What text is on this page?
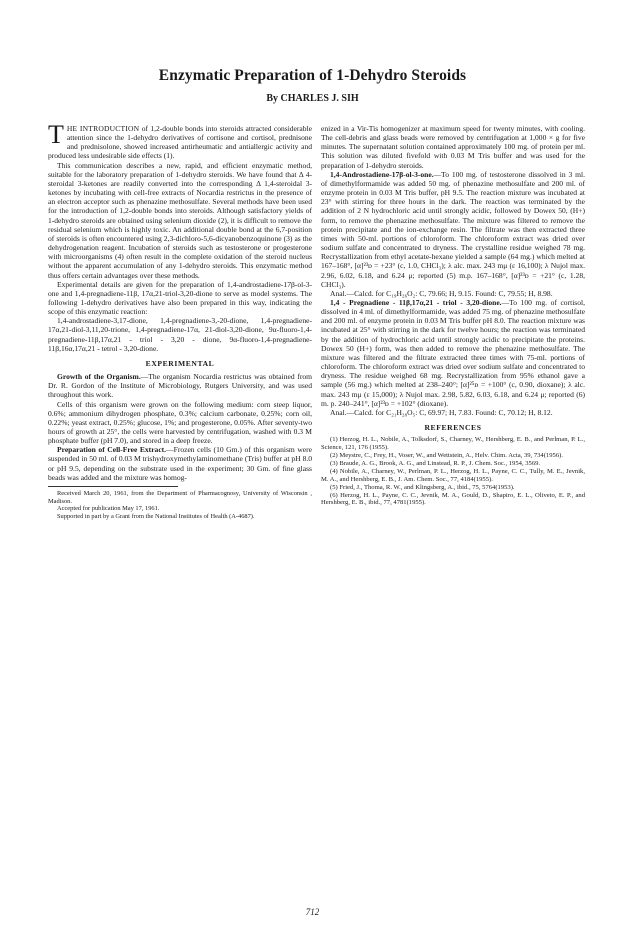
Enzymatic Preparation of 1-Dehydro Steroids
By CHARLES J. SIH

THE INTRODUCTION of 1,2-double bonds into steroids attracted considerable attention since the 1-dehydro derivatives of cortisone and cortisol, prednisone and prednisolone, showed increased antirheumatic and antiallergic activity and produced less undesirable side effects (1).

This communication describes a new, rapid, and efficient enzymatic method, suitable for the laboratory preparation of 1-dehydro steroids. We have found that Δ 4-steroidal 3-ketones are readily converted into the corresponding Δ 1,4-steroidal 3-ketones by incubating with cell-free extracts of Nocardia restrictus in the presence of an electron acceptor such as phenazine methosulfate. Several methods have been used for the introduction of 1,2-double bonds into steroids. Although satisfactory yields of 1-dehydro steroids are obtained using selenium dioxide (2), it is difficult to remove the residual selenium which is highly toxic. An additional double bond at the 6,7-position of steroids is often encountered using 2,3-dichloro-5,6-dicyanobenzoquinone (3) as the dehydrogenation reagent. Incubation of steroids such as testosterone or progesterone with microorganisms (4) often result in the complete oxidation of the steroid nucleus without the apparent accumulation of any 1-dehydro steroids. This enzymatic method thus offers certain advantages over these methods.

Experimental details are given for the preparation of 1,4-androstadiene-17β-ol-3-one and 1,4-pregnadiene-11β, 17α,21-triol-3,20-dione to serve as model systems. The following 1-dehydro derivatives have also been prepared in this way, indicating the scope of this enzymatic reaction:

1,4-androstadiene-3,17-dione, 1,4-pregnadiene-3,-20-dione, 1,4-pregnadiene-17α,21-diol-3,11,20-trione, 1,4-pregnadiene-17α, 21-diol-3,20-dione, 9α-fluoro-1,4-pregnadiene-11β,17α,21 - triol - 3,20 - dione, 9α-fluoro-1,4-pregnadiene- 11β,16α,17α,21 - tetrol - 3,20-dione.

EXPERIMENTAL

Growth of the Organism.—The organism Nocardia restrictus was obtained from Dr. R. Gordon of the Institute of Microbiology, Rutgers University, and was used throughout this work.

Cells of this organism were grown on the following medium: corn steep liquor, 0.6%; ammonium dihydrogen phosphate, 0.3%; calcium carbonate, 0.25%; corn oil, 0.22%; yeast extract, 0.25%; glucose, 1%; and progesterone, 0.05%. After seventy-two hours of growth at 25°, the cells were harvested by centrifugation, washed with 0.3 M phosphate buffer (pH 7.0), and stored in a deep freeze.

Preparation of Cell-Free Extract.—Frozen cells (10 Gm.) of this organism were suspended in 50 ml. of 0.03 M trishydroxymethylaminomethane (Tris) buffer at pH 8.0 or pH 9.5, depending on the substrate used in the experiment; 30 Gm. of fine glass beads was added and the mixture was homog-

Received March 20, 1961, from the Department of Pharmacognosy, University of Wisconsin , Madison.

Accepted for publication May 17, 1961.

Supported in part by a Grant from the National Institutes of Health (A-4687).

enized in a Vir-Tis homogenizer at maximum speed for twenty minutes, with cooling. The cell-debris and glass beads were removed by centrifugation at 1,000 × g for five minutes. The supernatant solution contained approximately 100 mg. of protein per ml. This solution was diluted fivefold with 0.03 M Tris buffer and was used for the preparation of 1-dehydro steroids.

1,4-Androstadiene-17β-ol-3-one.—To 100 mg. of testosterone dissolved in 3 ml. of dimethylformamide was added 50 mg. of phenazine methosulfate and 200 ml. of enzyme protein in 0.03 M Tris buffer, pH 9.5. The reaction mixture was incubated at 23° with stirring for three hours in the dark. The reaction was terminated by the addition of 2 N hydrochloric acid until strongly acidic, followed by Dowex 50, (H+) form, to remove the phenazine methosulfate. The mixture was filtered to remove the protein precipitate and the ion-exchange resin. The filtrate was then extracted three times with 50-ml. portions of chloroform. The chloroform extract was dried over sodium sulfate and concentrated to dryness. The crystalline residue weighed 78 mg. Recrystallization from ethyl acetate-hexane yielded a sample (64 mg.) which melted at 167–168°, [α]²³ᴅ = +23° (c, 1.0, CHCl₃); λ alc. max. 243 mμ (ε 16,100); λ Nujol max. 2.96, 6.02, 6.18, and 6.24 μ; reported (5) m.p. 167–168°, [α]²³ᴅ = +21° (c, 1.28, CHCl₃).

Anal.—Calcd. for C₁₉H₂₆O₂: C, 79.66; H, 9.15. Found: C, 79.55; H, 8.98.

1,4 - Pregnadiene - 11β,17α,21 - triol - 3,20-dione.—To 100 mg. of cortisol, dissolved in 4 ml. of dimethylformamide, was added 75 mg. of phenazine methosulfate and 200 ml. of enzyme protein in 0.03 M Tris buffer pH 8.0. The reaction mixture was incubated at 25° with stirring in the dark for twelve hours; the reaction was terminated by the addition of hydrochloric acid until strongly acidic to precipitate the proteins. Dowex 50 (H+) form, was then added to remove the phenazine methosulfate. The mixture was filtered and the filtrate extracted three times with 75-ml. portions of chloroform. The chloroform extract was dried over sodium sulfate and concentrated to dryness. The residue weighed 68 mg. Recrystallization from 95% ethanol gave a sample (56 mg.) which melted at 238–240°; [α]²⁵ᴅ = +100° (c, 0.90, dioxane); λ alc. max. 243 mμ (ε 15,000); λ Nujol max. 2.98, 5.82, 6.03, 6.18, and 6.24 μ; reported (6) m. p. 240–241°, [α]²³ᴅ = +102° (dioxane).

Anal.—Calcd. for C₂₁H₂₈O₅: C, 69.97; H, 7.83. Found: C, 70.12; H, 8.12.

REFERENCES

(1) Herzog, H. L., Nobile, A., Tolksdorf, S., Charney, W., Hershberg, E. B., and Perlman, P. L., Science, 121, 176 (1955).

(2) Meystre, C., Frey, H., Voser, W., and Wettstein, A., Helv. Chim. Acta, 39, 734(1956).

(3) Braude, A. G., Brook, A. G., and Linstead, R. P., J. Chem. Soc., 1954, 3569.

(4) Nobile, A., Charney, W., Perlman, P. L., Herzog, H. L., Payne, C. C., Tully, M. E., Jevnik, M. A., and Hershberg, E. B., J. Am. Chem. Soc., 77, 4184(1955).

(5) Fried, J., Thoma, R. W., and Klingsberg, A., ibid., 75, 5764(1953).

(6) Herzog, H. L., Payne, C. C., Jevnik, M. A., Gould, D., Shapiro, E. L., Oliveto, E. P., and Hershberg, E. B., ibid., 77, 4781(1955).

712
